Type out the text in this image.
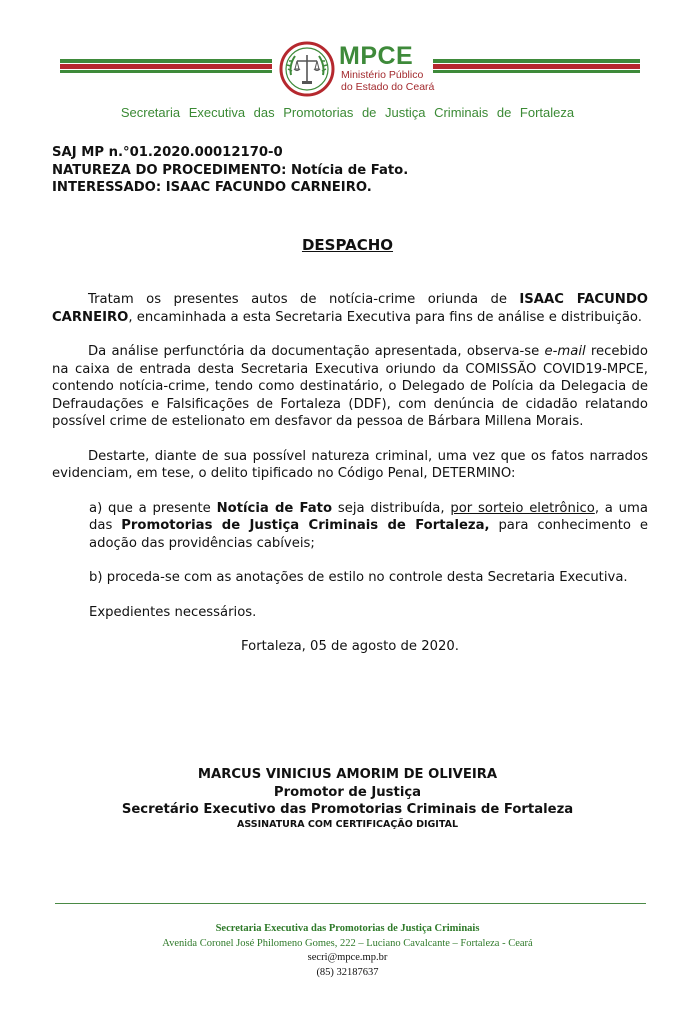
MPCE
Ministério Público
do Estado do Ceará
Secretaria Executiva das Promotorias de Justiça Criminais de Fortaleza
SAJ MP n.°01.2020.00012170-0
NATUREZA DO PROCEDIMENTO: Notícia de Fato.
INTERESSADO: ISAAC FACUNDO CARNEIRO.
DESPACHO

Tratam os presentes autos de notícia-crime oriunda de ISAAC FACUNDO CARNEIRO, encaminhada a esta Secretaria Executiva para fins de análise e distribuição.

Da análise perfunctória da documentação apresentada, observa-se e-mail recebido na caixa de entrada desta Secretaria Executiva oriundo da COMISSÃO COVID19-MPCE, contendo notícia-crime, tendo como destinatário, o Delegado de Polícia da Delegacia de Defraudações e Falsificações de Fortaleza (DDF), com denúncia de cidadão relatando possível crime de estelionato em desfavor da pessoa de Bárbara Millena Morais.

Destarte, diante de sua possível natureza criminal, uma vez que os fatos narrados evidenciam, em tese, o delito tipificado no Código Penal, DETERMINO:

a) que a presente Notícia de Fato seja distribuída, por sorteio eletrônico, a uma das Promotorias de Justiça Criminais de Fortaleza, para conhecimento e adoção das providências cabíveis;

b) proceda-se com as anotações de estilo no controle desta Secretaria Executiva.

Expedientes necessários.

Fortaleza, 05 de agosto de 2020.

MARCUS VINICIUS AMORIM DE OLIVEIRA
Promotor de Justiça
Secretário Executivo das Promotorias Criminais de Fortaleza
ASSINATURA COM CERTIFICAÇÃO DIGITAL
Secretaria Executiva das Promotorias de Justiça Criminais
Avenida Coronel José Philomeno Gomes, 222 – Luciano Cavalcante – Fortaleza - Ceará
secri@mpce.mp.br
(85) 32187637
